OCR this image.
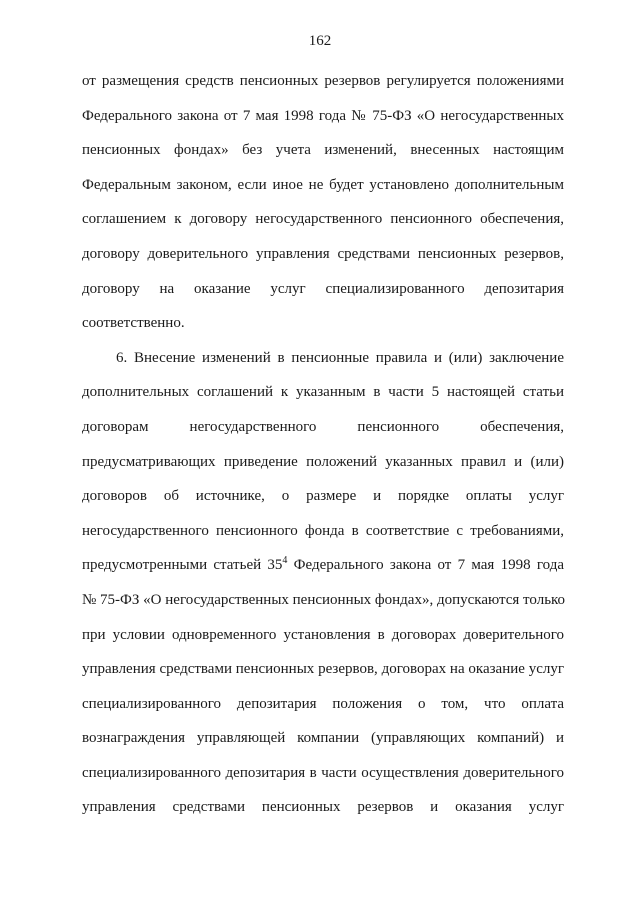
162
от размещения средств пенсионных резервов регулируется положениями
Федерального закона от 7 мая 1998 года № 75-ФЗ «О негосударственных
пенсионных фондах» без учета изменений, внесенных настоящим
Федеральным законом, если иное не будет установлено дополнительным
соглашением к договору негосударственного пенсионного обеспечения,
договору доверительного управления средствами пенсионных резервов,
договору на оказание услуг специализированного депозитария
соответственно.
6. Внесение изменений в пенсионные правила и (или) заключение
дополнительных соглашений к указанным в части 5 настоящей статьи
договорам негосударственного пенсионного обеспечения,
предусматривающих приведение положений указанных правил и (или)
договоров об источнике, о размере и порядке оплаты услуг
негосударственного пенсионного фонда в соответствие с требованиями,
предусмотренными статьей $35^4$ Федерального закона от 7 мая 1998 года
№ 75-ФЗ «О негосударственных пенсионных фондах», допускаются только
при условии одновременного установления в договорах доверительного
управления средствами пенсионных резервов, договорах на оказание услуг
специализированного депозитария положения о том, что оплата
вознаграждения управляющей компании (управляющих компаний) и
специализированного депозитария в части осуществления доверительного
управления средствами пенсионных резервов и оказания услуг
